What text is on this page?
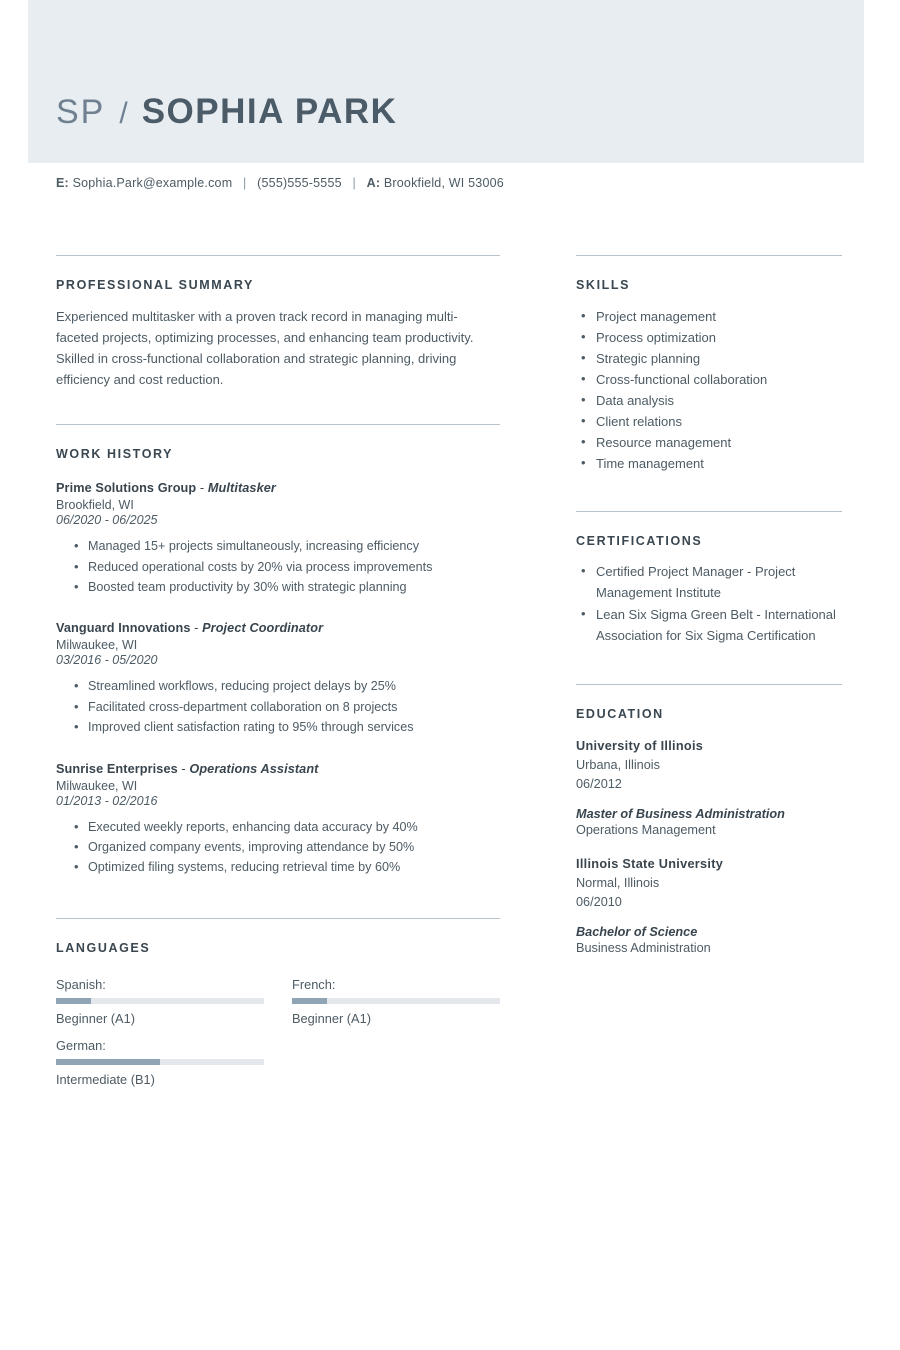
SP / SOPHIA PARK
E: Sophia.Park@example.com | (555)555-5555 | A: Brookfield, WI 53006
PROFESSIONAL SUMMARY

Experienced multitasker with a proven track record in managing multi-faceted projects, optimizing processes, and enhancing team productivity. Skilled in cross-functional collaboration and strategic planning, driving efficiency and cost reduction.

WORK HISTORY
Prime Solutions Group - Multitasker
Brookfield, WI
06/2020 - 06/2025
• Managed 15+ projects simultaneously, increasing efficiency
• Reduced operational costs by 20% via process improvements
• Boosted team productivity by 30% with strategic planning
Vanguard Innovations - Project Coordinator
Milwaukee, WI
03/2016 - 05/2020
• Streamlined workflows, reducing project delays by 25%
• Facilitated cross-department collaboration on 8 projects
• Improved client satisfaction rating to 95% through services
Sunrise Enterprises - Operations Assistant
Milwaukee, WI
01/2013 - 02/2016
• Executed weekly reports, enhancing data accuracy by 40%
• Organized company events, improving attendance by 50%
• Optimized filing systems, reducing retrieval time by 60%
LANGUAGES
Spanish:
Beginner (A1)
French:
Beginner (A1)
German:
Intermediate (B1)
SKILLS
• Project management
• Process optimization
• Strategic planning
• Cross-functional collaboration
• Data analysis
• Client relations
• Resource management
• Time management
CERTIFICATIONS
• Certified Project Manager - Project Management Institute
• Lean Six Sigma Green Belt - International Association for Six Sigma Certification
EDUCATION
University of Illinois
Urbana, Illinois
06/2012
Master of Business Administration
Operations Management
Illinois State University
Normal, Illinois
06/2010
Bachelor of Science
Business Administration
